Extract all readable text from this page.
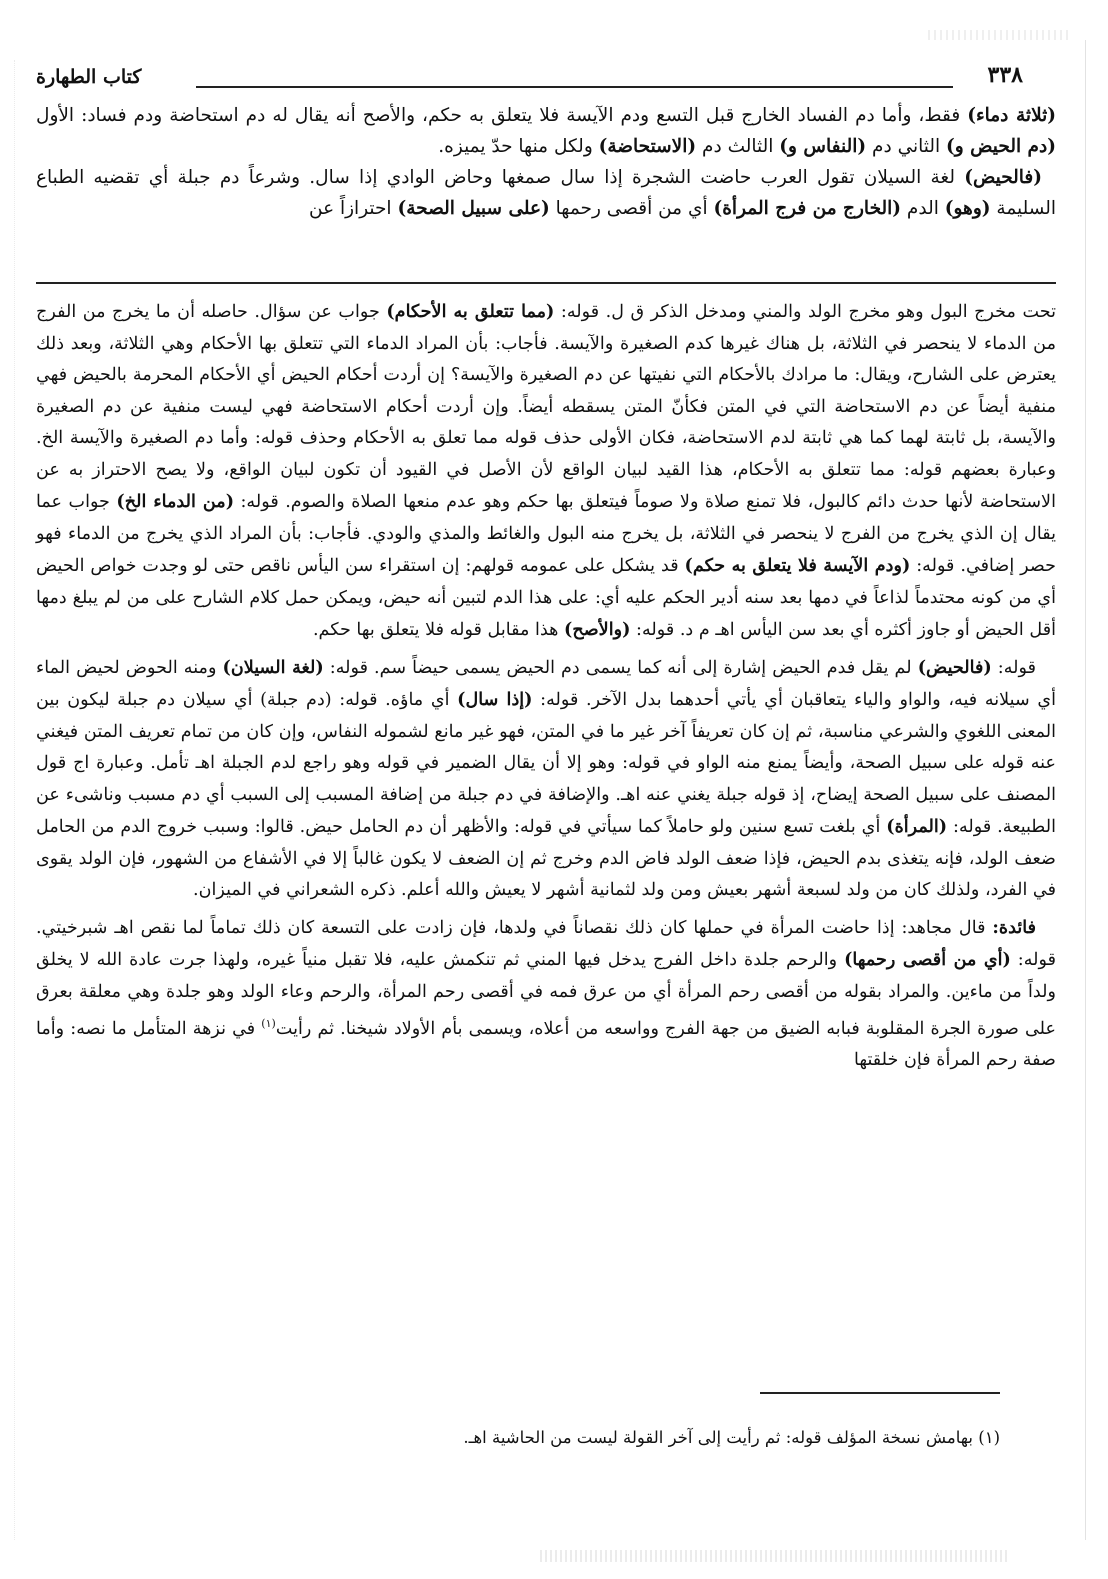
٣٣٨
كتاب الطهارة

(ثلاثة دماء) فقط، وأما دم الفساد الخارج قبل التسع ودم الآيسة فلا يتعلق به حكم، والأصح أنه يقال له دم استحاضة ودم فساد: الأول (دم الحيض و) الثاني دم (النفاس و) الثالث دم (الاستحاضة) ولكل منها حدّ يميزه.

(فالحيض) لغة السيلان تقول العرب حاضت الشجرة إذا سال صمغها وحاض الوادي إذا سال. وشرعاً دم جبلة أي تقضيه الطباع السليمة (وهو) الدم (الخارج من فرج المرأة) أي من أقصى رحمها (على سبيل الصحة) احترازاً عن

تحت مخرج البول وهو مخرج الولد والمني ومدخل الذكر ق ل. قوله: (مما تتعلق به الأحكام) جواب عن سؤال. حاصله أن ما يخرج من الفرج من الدماء لا ينحصر في الثلاثة، بل هناك غيرها كدم الصغيرة والآيسة. فأجاب: بأن المراد الدماء التي تتعلق بها الأحكام وهي الثلاثة، وبعد ذلك يعترض على الشارح، ويقال: ما مرادك بالأحكام التي نفيتها عن دم الصغيرة والآيسة؟ إن أردت أحكام الحيض أي الأحكام المحرمة بالحيض فهي منفية أيضاً عن دم الاستحاضة التي في المتن فكأنّ المتن يسقطه أيضاً. وإن أردت أحكام الاستحاضة فهي ليست منفية عن دم الصغيرة والآيسة، بل ثابتة لهما كما هي ثابتة لدم الاستحاضة، فكان الأولى حذف قوله مما تعلق به الأحكام وحذف قوله: وأما دم الصغيرة والآيسة الخ. وعبارة بعضهم قوله: مما تتعلق به الأحكام، هذا القيد لبيان الواقع لأن الأصل في القيود أن تكون لبيان الواقع، ولا يصح الاحتراز به عن الاستحاضة لأنها حدث دائم كالبول، فلا تمنع صلاة ولا صوماً فيتعلق بها حكم وهو عدم منعها الصلاة والصوم. قوله: (من الدماء الخ) جواب عما يقال إن الذي يخرج من الفرج لا ينحصر في الثلاثة، بل يخرج منه البول والغائط والمذي والودي. فأجاب: بأن المراد الذي يخرج من الدماء فهو حصر إضافي. قوله: (ودم الآيسة فلا يتعلق به حكم) قد يشكل على عمومه قولهم: إن استقراء سن اليأس ناقص حتى لو وجدت خواص الحيض أي من كونه محتدماً لذاعاً في دمها بعد سنه أدير الحكم عليه أي: على هذا الدم لتبين أنه حيض، ويمكن حمل كلام الشارح على من لم يبلغ دمها أقل الحيض أو جاوز أكثره أي بعد سن اليأس اهـ م د. قوله: (والأصح) هذا مقابل قوله فلا يتعلق بها حكم.

قوله: (فالحيض) لم يقل فدم الحيض إشارة إلى أنه كما يسمى دم الحيض يسمى حيضاً سم. قوله: (لغة السيلان) ومنه الحوض لحيض الماء أي سيلانه فيه، والواو والياء يتعاقبان أي يأتي أحدهما بدل الآخر. قوله: (إذا سال) أي ماؤه. قوله: (دم جبلة) أي سيلان دم جبلة ليكون بين المعنى اللغوي والشرعي مناسبة، ثم إن كان تعريفاً آخر غير ما في المتن، فهو غير مانع لشموله النفاس، وإن كان من تمام تعريف المتن فيغني عنه قوله على سبيل الصحة، وأيضاً يمنع منه الواو في قوله: وهو إلا أن يقال الضمير في قوله وهو راجع لدم الجبلة اهـ تأمل. وعبارة اج قول المصنف على سبيل الصحة إيضاح، إذ قوله جبلة يغني عنه اهـ. والإضافة في دم جبلة من إضافة المسبب إلى السبب أي دم مسبب وناشىء عن الطبيعة. قوله: (المرأة) أي بلغت تسع سنين ولو حاملاً كما سيأتي في قوله: والأظهر أن دم الحامل حيض. قالوا: وسبب خروج الدم من الحامل ضعف الولد، فإنه يتغذى بدم الحيض، فإذا ضعف الولد فاض الدم وخرج ثم إن الضعف لا يكون غالباً إلا في الأشفاع من الشهور، فإن الولد يقوى في الفرد، ولذلك كان من ولد لسبعة أشهر بعيش ومن ولد لثمانية أشهر لا يعيش والله أعلم. ذكره الشعراني في الميزان.

فائدة: قال مجاهد: إذا حاضت المرأة في حملها كان ذلك نقصاناً في ولدها، فإن زادت على التسعة كان ذلك تماماً لما نقص اهـ شبرخيتي. قوله: (أي من أقصى رحمها) والرحم جلدة داخل الفرج يدخل فيها المني ثم تنكمش عليه، فلا تقبل منياً غيره، ولهذا جرت عادة الله لا يخلق ولداً من ماءين. والمراد بقوله من أقصى رحم المرأة أي من عرق فمه في أقصى رحم المرأة، والرحم وعاء الولد وهو جلدة وهي معلقة بعرق على صورة الجرة المقلوبة فبابه الضيق من جهة الفرج وواسعه من أعلاه، ويسمى بأم الأولاد شيخنا. ثم رأيت$^{(١)}$ في نزهة المتأمل ما نصه: وأما صفة رحم المرأة فإن خلقتها

(١) بهامش نسخة المؤلف قوله: ثم رأيت إلى آخر القولة ليست من الحاشية اهـ.
